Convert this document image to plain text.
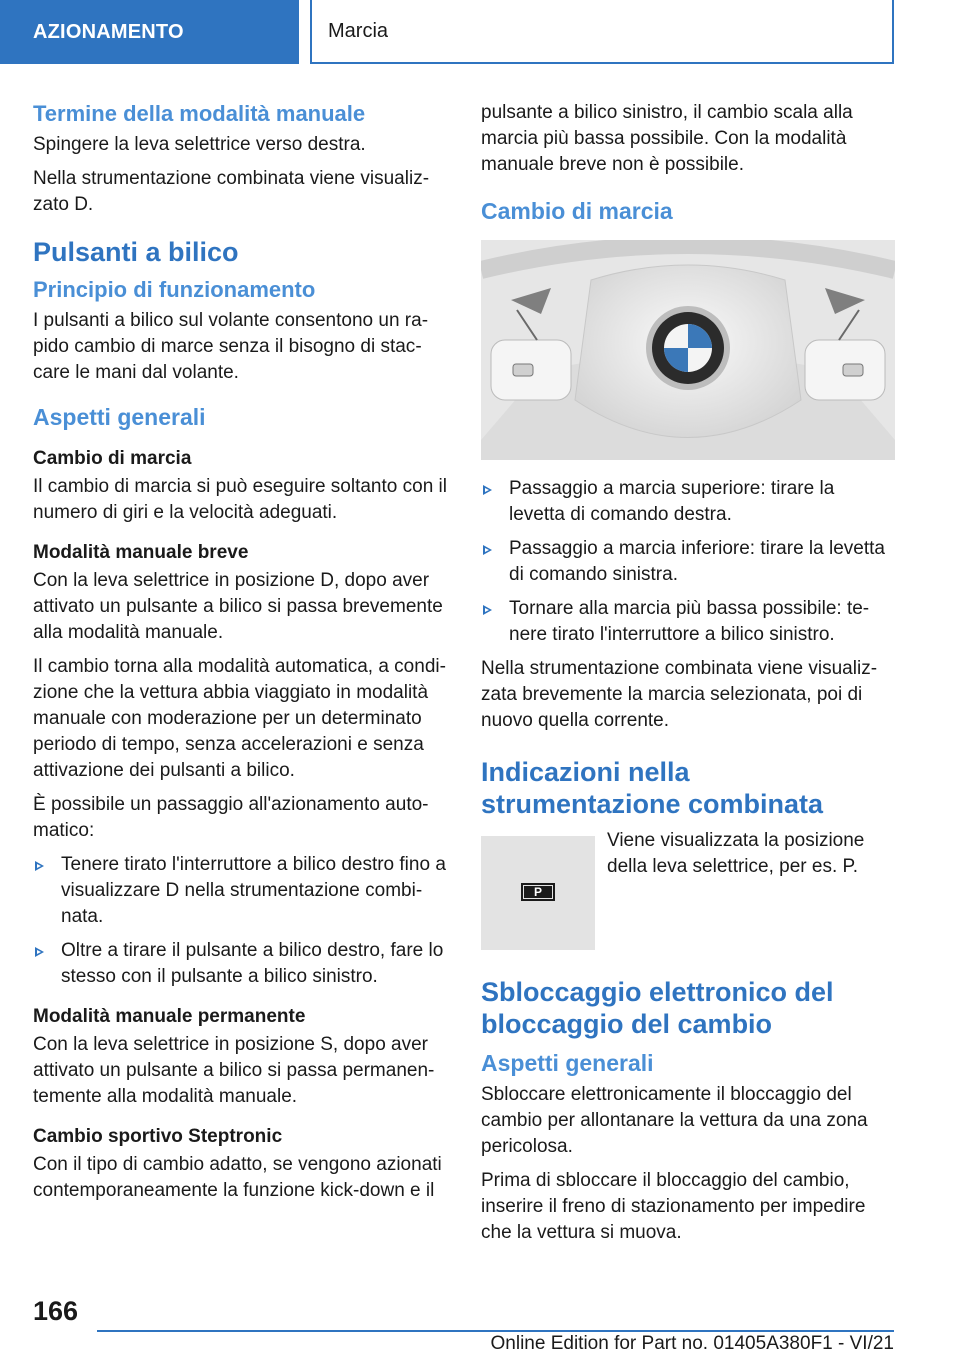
AZIONAMENTO	Marcia
Termine della modalità manuale

Spingere la leva selettrice verso destra.

Nella strumentazione combinata viene visualizzato D.

Pulsanti a bilico
Principio di funzionamento

I pulsanti a bilico sul volante consentono un rapido cambio di marce senza il bisogno di staccare le mani dal volante.

Aspetti generali
Cambio di marcia

Il cambio di marcia si può eseguire soltanto con il numero di giri e la velocità adeguati.

Modalità manuale breve

Con la leva selettrice in posizione D, dopo aver attivato un pulsante a bilico si passa brevemente alla modalità manuale.

Il cambio torna alla modalità automatica, a condizione che la vettura abbia viaggiato in modalità manuale con moderazione per un determinato periodo di tempo, senza accelerazioni e senza attivazione dei pulsanti a bilico.

È possibile un passaggio all'azionamento automatico:

Tenere tirato l'interruttore a bilico destro fino a visualizzare D nella strumentazione combinata.
Oltre a tirare il pulsante a bilico destro, fare lo stesso con il pulsante a bilico sinistro.
Modalità manuale permanente

Con la leva selettrice in posizione S, dopo aver attivato un pulsante a bilico si passa permanentemente alla modalità manuale.

Cambio sportivo Steptronic

Con il tipo di cambio adatto, se vengono azionati contemporaneamente la funzione kick-down e il

pulsante a bilico sinistro, il cambio scala alla marcia più bassa possibile. Con la modalità manuale breve non è possibile.

Cambio di marcia
Passaggio a marcia superiore: tirare la levetta di comando destra.
Passaggio a marcia inferiore: tirare la levetta di comando sinistra.
Tornare alla marcia più bassa possibile: tenere tirato l'interruttore a bilico sinistro.

Nella strumentazione combinata viene visualizzata brevemente la marcia selezionata, poi di nuovo quella corrente.

Indicazioni nella strumentazione combinata
P

Viene visualizzata la posizione della leva selettrice, per es. P.

Sbloccaggio elettronico del bloccaggio del cambio
Aspetti generali

Sbloccare elettronicamente il bloccaggio del cambio per allontanare la vettura da una zona pericolosa.

Prima di sbloccare il bloccaggio del cambio, inserire il freno di stazionamento per impedire che la vettura si muova.

166
Online Edition for Part no. 01405A380F1 - VI/21
